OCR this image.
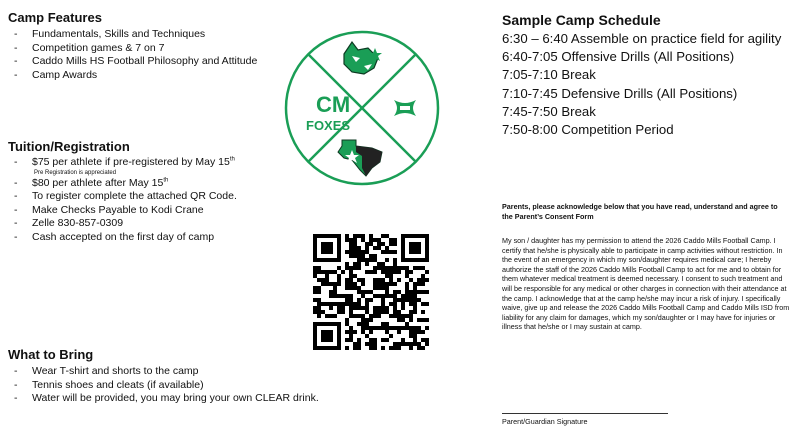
Camp Features
- Fundamentals, Skills and Techniques
- Competition games & 7 on 7
- Caddo Mills HS Football Philosophy and Attitude
- Camp Awards
Tuition/Registration
- $75 per athlete if pre-registered by May 15th
Pre Registration is appreciated
- $80 per athlete after May 15th
- To register complete the attached QR Code.
- Make Checks Payable to Kodi Crane
- Zelle 830-857-0309
- Cash accepted on the first day of camp
What to Bring
- Wear T-shirt and shorts to the camp
- Tennis shoes and cleats (if available)
- Water will be provided, you may bring your own CLEAR drink.
CM
FOXES
Sample Camp Schedule
6:30 – 6:40 Assemble on practice field for agility
6:40-7:05 Offensive Drills (All Positions)
7:05-7:10 Break
7:10-7:45 Defensive Drills (All Positions)
7:45-7:50 Break
7:50-8:00 Competition Period
Parents, please acknowledge below that you have read, understand and agree to the Parent’s Consent Form
My son / daughter has my permission to attend the 2026 Caddo Mills Football Camp. I certify that he/she is physically able to participate in camp activities without restriction. In the event of an emergency in which my son/daughter requires medical care; I hereby authorize the staff of the 2026 Caddo Mills Football Camp to act for me and to obtain for them whatever medical treatment is deemed necessary. I consent to such treatment and will be responsible for any medical or other charges in connection with their attendance at the camp. I acknowledge that at the camp he/she may incur a risk of injury. I specifically waive, give up and release the 2026 Caddo Mills Football Camp and Caddo Mills ISD from liability for any claim for damages, which my son/daughter or I may have for injuries or illness that he/she or I may sustain at camp.
Parent/Guardian Signature
